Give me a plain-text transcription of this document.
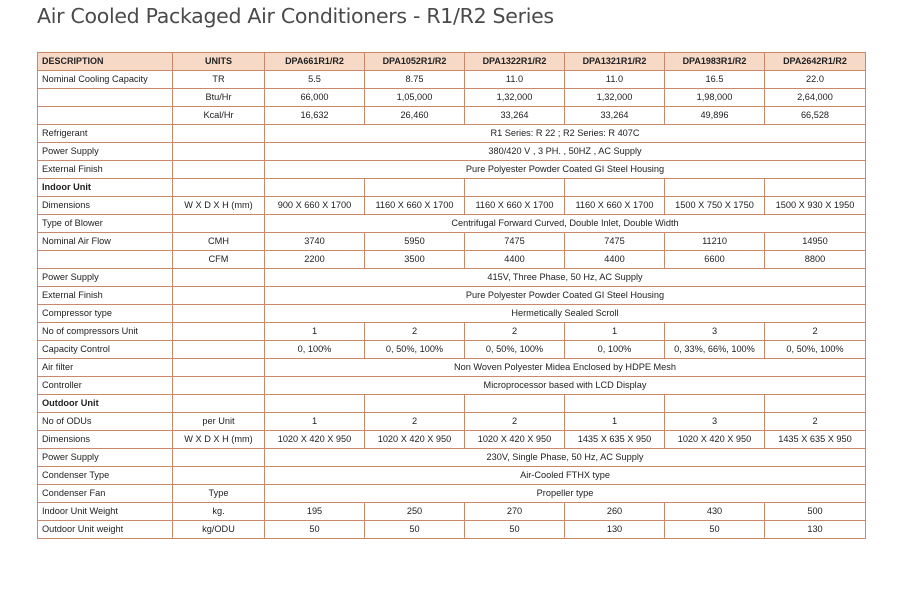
Air Cooled Packaged Air Conditioners - R1/R2 Series
DESCRIPTION	UNITS	DPA661R1/R2	DPA1052R1/R2	DPA1322R1/R2	DPA1321R1/R2	DPA1983R1/R2	DPA2642R1/R2
Nominal Cooling Capacity	TR	5.5	8.75	11.0	11.0	16.5	22.0
	Btu/Hr	66,000	1,05,000	1,32,000	1,32,000	1,98,000	2,64,000
	Kcal/Hr	16,632	26,460	33,264	33,264	49,896	66,528
Refrigerant		R1 Series: R 22 ; R2 Series: R 407C					
Power Supply		380/420 V , 3 PH. , 50HZ , AC Supply					
External Finish		Pure Polyester Powder Coated GI Steel Housing					
Indoor Unit							
Dimensions	W X D X H (mm)	900 X 660 X 1700	1160 X 660 X 1700	1160 X 660 X 1700	1160 X 660 X 1700	1500 X 750 X 1750	1500 X 930 X 1950
Type of Blower		Centrifugal Forward Curved, Double Inlet, Double Width					
Nominal Air Flow	CMH	3740	5950	7475	7475	11210	14950
	CFM	2200	3500	4400	4400	6600	8800
Power Supply		415V, Three Phase, 50 Hz, AC Supply					
External Finish		Pure Polyester Powder Coated GI Steel Housing					
Compressor type		Hermetically Sealed Scroll					
No of compressors Unit		1	2	2	1	3	2
Capacity Control		0, 100%	0, 50%, 100%	0, 50%, 100%	0, 100%	0, 33%, 66%, 100%	0, 50%, 100%
Air filter		Non Woven Polyester Midea Enclosed by HDPE Mesh					
Controller		Microprocessor based with LCD Display					
Outdoor Unit							
No of ODUs	per Unit	1	2	2	1	3	2
Dimensions	W X D X H (mm)	1020 X 420 X 950	1020 X 420 X 950	1020 X 420 X 950	1435 X 635 X 950	1020 X 420 X 950	1435 X 635 X 950
Power Supply		230V, Single Phase, 50 Hz, AC Supply					
Condenser Type		Air-Cooled FTHX type					
Condenser Fan	Type	Propeller type					
Indoor Unit Weight	kg.	195	250	270	260	430	500
Outdoor Unit weight	kg/ODU	50	50	50	130	50	130
